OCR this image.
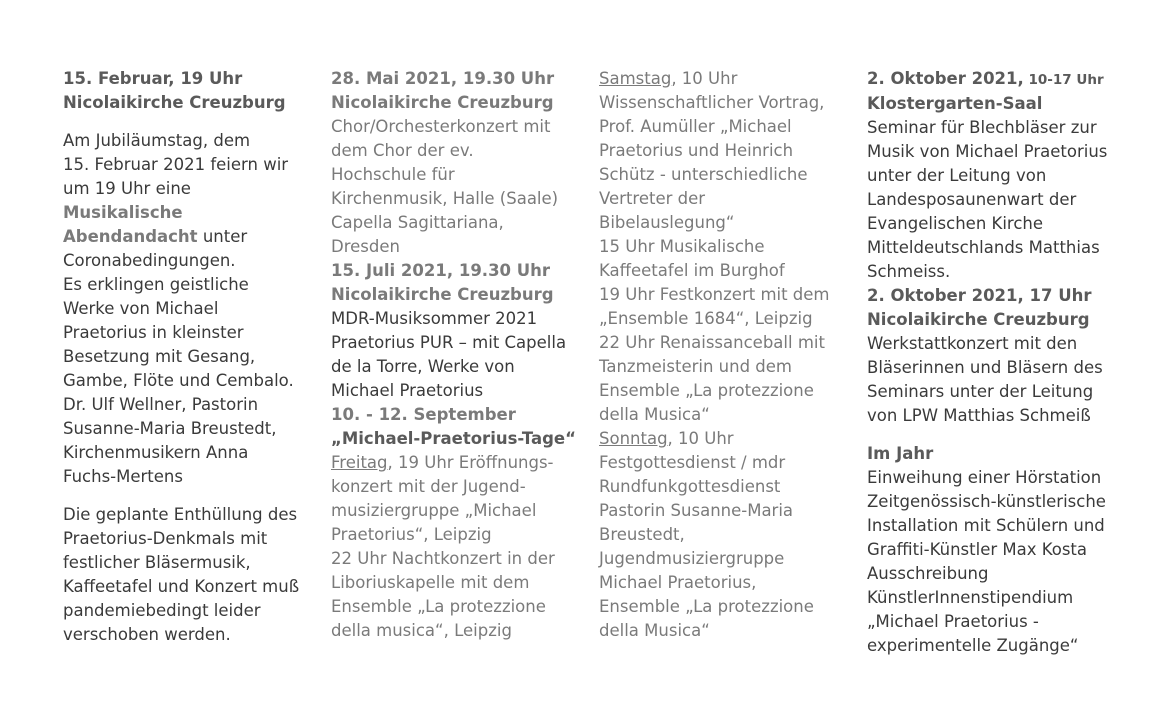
15. Februar, 19 Uhr
Nicolaikirche Creuzburg
Am Jubiläumstag, dem
15. Februar 2021 feiern wir
um 19 Uhr eine
Musikalische
Abendandacht unter
Coronabedingungen.
Es erklingen geistliche
Werke von Michael
Praetorius in kleinster
Besetzung mit Gesang,
Gambe, Flöte und Cembalo.
Dr. Ulf Wellner, Pastorin
Susanne-Maria Breustedt,
Kirchenmusikern Anna
Fuchs-Mertens
Die geplante Enthüllung des
Praetorius-Denkmals mit
festlicher Bläsermusik,
Kaffeetafel und Konzert muß
pandemiebedingt leider
verschoben werden.
28. Mai 2021, 19.30 Uhr
Nicolaikirche Creuzburg
Chor/Orchesterkonzert mit
dem Chor der ev.
Hochschule für
Kirchenmusik, Halle (Saale)
Capella Sagittariana,
Dresden
15. Juli 2021, 19.30 Uhr
Nicolaikirche Creuzburg
MDR-Musiksommer 2021
Praetorius PUR – mit Capella
de la Torre, Werke von
Michael Praetorius
10. - 12. September
„Michael-Praetorius-Tage“
Freitag, 19 Uhr Eröffnungs-
konzert mit der Jugend-
musiziergruppe „Michael
Praetorius“, Leipzig
22 Uhr Nachtkonzert in der
Liboriuskapelle mit dem
Ensemble „La protezzione
della musica“, Leipzig
Samstag, 10 Uhr
Wissenschaftlicher Vortrag,
Prof. Aumüller „Michael
Praetorius und Heinrich
Schütz - unterschiedliche
Vertreter der
Bibelauslegung“
15 Uhr Musikalische
Kaffeetafel im Burghof
19 Uhr Festkonzert mit dem
„Ensemble 1684“, Leipzig
22 Uhr Renaissanceball mit
Tanzmeisterin und dem
Ensemble „La protezzione
della Musica“
Sonntag, 10 Uhr
Festgottesdienst / mdr
Rundfunkgottesdienst
Pastorin Susanne-Maria
Breustedt,
Jugendmusiziergruppe
Michael Praetorius,
Ensemble „La protezzione
della Musica“
2. Oktober 2021, 10-17 Uhr
Klostergarten-Saal
Seminar für Blechbläser zur
Musik von Michael Praetorius
unter der Leitung von
Landesposaunenwart der
Evangelischen Kirche
Mitteldeutschlands Matthias
Schmeiss.
2. Oktober 2021, 17 Uhr
Nicolaikirche Creuzburg
Werkstattkonzert mit den
Bläserinnen und Bläsern des
Seminars unter der Leitung
von LPW Matthias Schmeiß
Im Jahr
Einweihung einer Hörstation
Zeitgenössisch-künstlerische
Installation mit Schülern und
Graffiti-Künstler Max Kosta
Ausschreibung
KünstlerInnenstipendium
„Michael Praetorius -
experimentelle Zugänge“
